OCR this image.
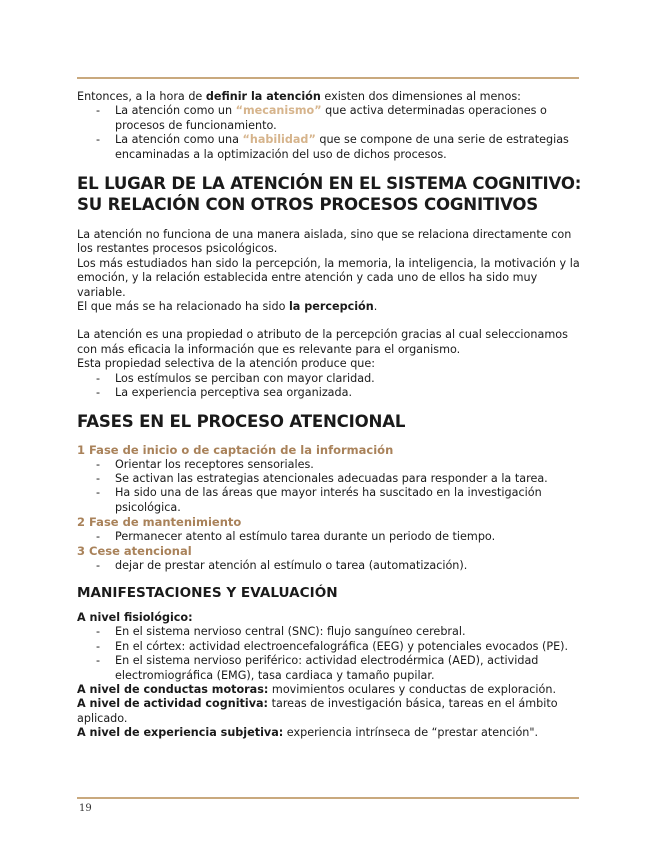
Entonces, a la hora de definir la atención existen dos dimensiones al menos:

- La atención como un “mecanismo” que activa determinadas operaciones o procesos de funcionamiento.
- La atención como una “habilidad” que se compone de una serie de estrategias encaminadas a la optimización del uso de dichos procesos.
EL LUGAR DE LA ATENCIÓN EN EL SISTEMA COGNITIVO: SU RELACIÓN CON OTROS PROCESOS COGNITIVOS

La atención no funciona de una manera aislada, sino que se relaciona directamente con los restantes procesos psicológicos.

Los más estudiados han sido la percepción, la memoria, la inteligencia, la motivación y la emoción, y la relación establecida entre atención y cada uno de ellos ha sido muy variable.

El que más se ha relacionado ha sido la percepción.

La atención es una propiedad o atributo de la percepción gracias al cual seleccionamos con más eficacia la información que es relevante para el organismo.

Esta propiedad selectiva de la atención produce que:

- Los estímulos se perciban con mayor claridad.
- La experiencia perceptiva sea organizada.
FASES EN EL PROCESO ATENCIONAL
1 Fase de inicio o de captación de la información
- Orientar los receptores sensoriales.
- Se activan las estrategias atencionales adecuadas para responder a la tarea.
- Ha sido una de las áreas que mayor interés ha suscitado en la investigación psicológica.
2 Fase de mantenimiento
- Permanecer atento al estímulo tarea durante un periodo de tiempo.
3 Cese atencional
- dejar de prestar atención al estímulo o tarea (automatización).
MANIFESTACIONES Y EVALUACIÓN

A nivel fisiológico:

- En el sistema nervioso central (SNC): flujo sanguíneo cerebral.
- En el córtex: actividad electroencefalográfica (EEG) y potenciales evocados (PE).
- En el sistema nervioso periférico: actividad electrodérmica (AED), actividad electromiográfica (EMG), tasa cardiaca y tamaño pupilar.

A nivel de conductas motoras: movimientos oculares y conductas de exploración.

A nivel de actividad cognitiva: tareas de investigación básica, tareas en el ámbito aplicado.

A nivel de experiencia subjetiva: experiencia intrínseca de “prestar atención".

19
